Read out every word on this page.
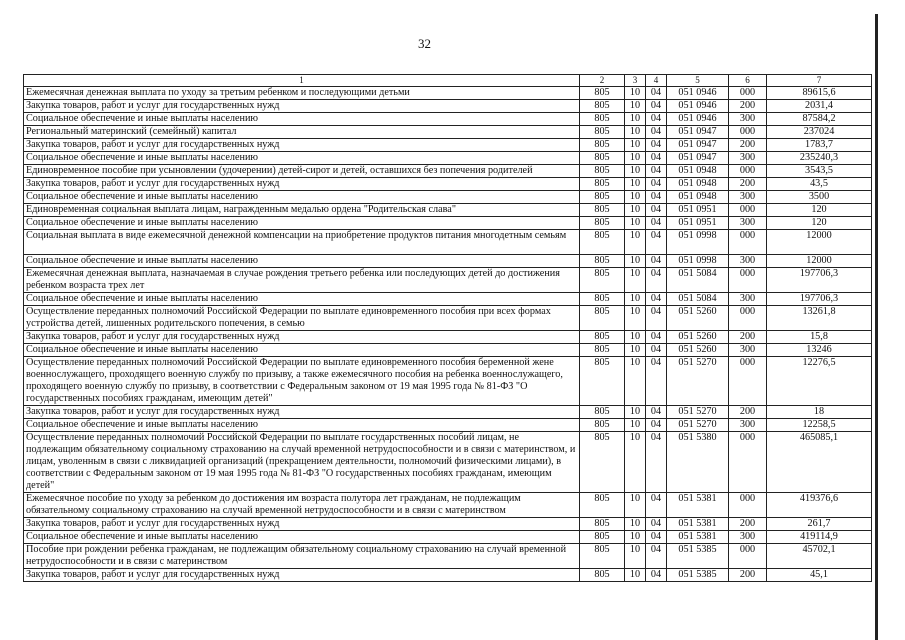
32
1	2	3	4	5	6	7
Ежемесячная денежная выплата по уходу за третьим ребенком и последующими детьми	805	10	04	051 0946	000	89615,6
Закупка товаров, работ и услуг для государственных нужд	805	10	04	051 0946	200	2031,4
Социальное обеспечение и иные выплаты населению	805	10	04	051 0946	300	87584,2
Региональный материнский (семейный) капитал	805	10	04	051 0947	000	237024
Закупка товаров, работ и услуг для государственных нужд	805	10	04	051 0947	200	1783,7
Социальное обеспечение и иные выплаты населению	805	10	04	051 0947	300	235240,3
Единовременное пособие при усыновлении (удочерении) детей-сирот и детей, оставшихся без попечения родителей	805	10	04	051 0948	000	3543,5
Закупка товаров, работ и услуг для государственных нужд	805	10	04	051 0948	200	43,5
Социальное обеспечение и иные выплаты населению	805	10	04	051 0948	300	3500
Единовременная социальная выплата лицам, награжденным медалью ордена "Родительская слава"	805	10	04	051 0951	000	120
Социальное обеспечение и иные выплаты населению	805	10	04	051 0951	300	120
Социальная выплата в виде ежемесячной денежной компенсации на приобретение продуктов питания многодетным семьям	805	10	04	051 0998	000	12000
Социальное обеспечение и иные выплаты населению	805	10	04	051 0998	300	12000
Ежемесячная денежная выплата, назначаемая в случае рождения третьего ребенка или последующих детей до достижения ребенком возраста трех лет	805	10	04	051 5084	000	197706,3
Социальное обеспечение и иные выплаты населению	805	10	04	051 5084	300	197706,3
Осуществление переданных полномочий Российской Федерации по выплате единовременного пособия при всех формах устройства детей, лишенных родительского попечения, в семью	805	10	04	051 5260	000	13261,8
Закупка товаров, работ и услуг для государственных нужд	805	10	04	051 5260	200	15,8
Социальное обеспечение и иные выплаты населению	805	10	04	051 5260	300	13246
Осуществление переданных полномочий Российской Федерации по выплате единовременного пособия беременной жене военнослужащего, проходящего военную службу по призыву, а также ежемесячного пособия на ребенка военнослужащего, проходящего военную службу по призыву, в соответствии с Федеральным законом от 19 мая 1995 года № 81-ФЗ "О государственных пособиях гражданам, имеющим детей"	805	10	04	051 5270	000	12276,5
Закупка товаров, работ и услуг для государственных нужд	805	10	04	051 5270	200	18
Социальное обеспечение и иные выплаты населению	805	10	04	051 5270	300	12258,5
Осуществление переданных полномочий Российской Федерации по выплате государственных пособий лицам, не подлежащим обязательному социальному страхованию на случай временной нетрудоспособности и в связи с материнством, и лицам, уволенным в связи с ликвидацией организаций (прекращением деятельности, полномочий физическими лицами), в соответствии с Федеральным законом от 19 мая 1995 года № 81-ФЗ "О государственных пособиях гражданам, имеющим детей"	805	10	04	051 5380	000	465085,1
Ежемесячное пособие по уходу за ребенком до достижения им возраста полутора лет гражданам, не подлежащим обязательному социальному страхованию на случай временной нетрудоспособности и в связи с материнством	805	10	04	051 5381	000	419376,6
Закупка товаров, работ и услуг для государственных нужд	805	10	04	051 5381	200	261,7
Социальное обеспечение и иные выплаты населению	805	10	04	051 5381	300	419114,9
Пособие при рождении ребенка гражданам, не подлежащим обязательному социальному страхованию на случай временной нетрудоспособности и в связи с материнством	805	10	04	051 5385	000	45702,1
Закупка товаров, работ и услуг для государственных нужд	805	10	04	051 5385	200	45,1
